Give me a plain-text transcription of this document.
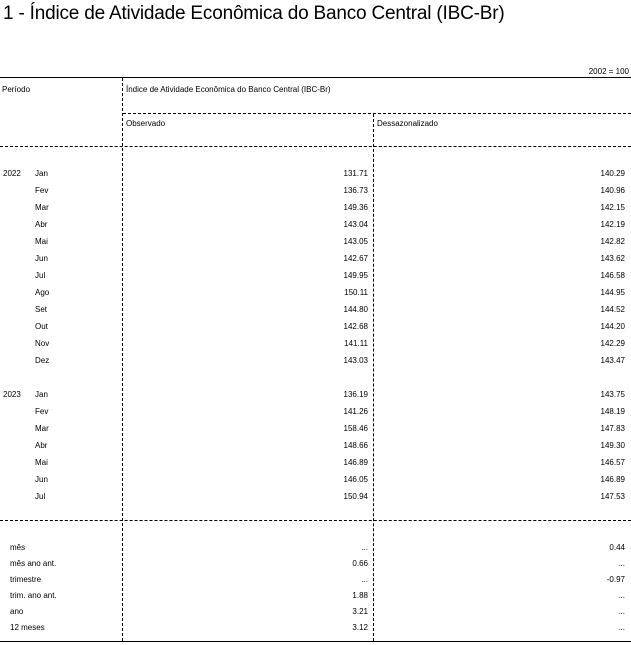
1 - Índice de Atividade Econômica do Banco Central (IBC-Br)
2002 = 100
Período	Índice de Atividade Econômica do Banco Central (IBC-Br)
Observado	Dessazonalizado
2022 Jan	131.71	140.29
Fev	136.73	140.96
Mar	149.36	142.15
Abr	143.04	142.19
Mai	143.05	142.82
Jun	142.67	143.62
Jul	149.95	146.58
Ago	150.11	144.95
Set	144.80	144.52
Out	142.68	144.20
Nov	141.11	142.29
Dez	143.03	143.47
2023 Jan	136.19	143.75
Fev	141.26	148.19
Mar	158.46	147.83
Abr	148.66	149.30
Mai	146.89	146.57
Jun	146.05	146.89
Jul	150.94	147.53
mês	...	0.44
mês ano ant.	0.66	...
trimestre	...	-0.97
trim. ano ant.	1.88	...
ano	3.21	...
12 meses	3.12	...
